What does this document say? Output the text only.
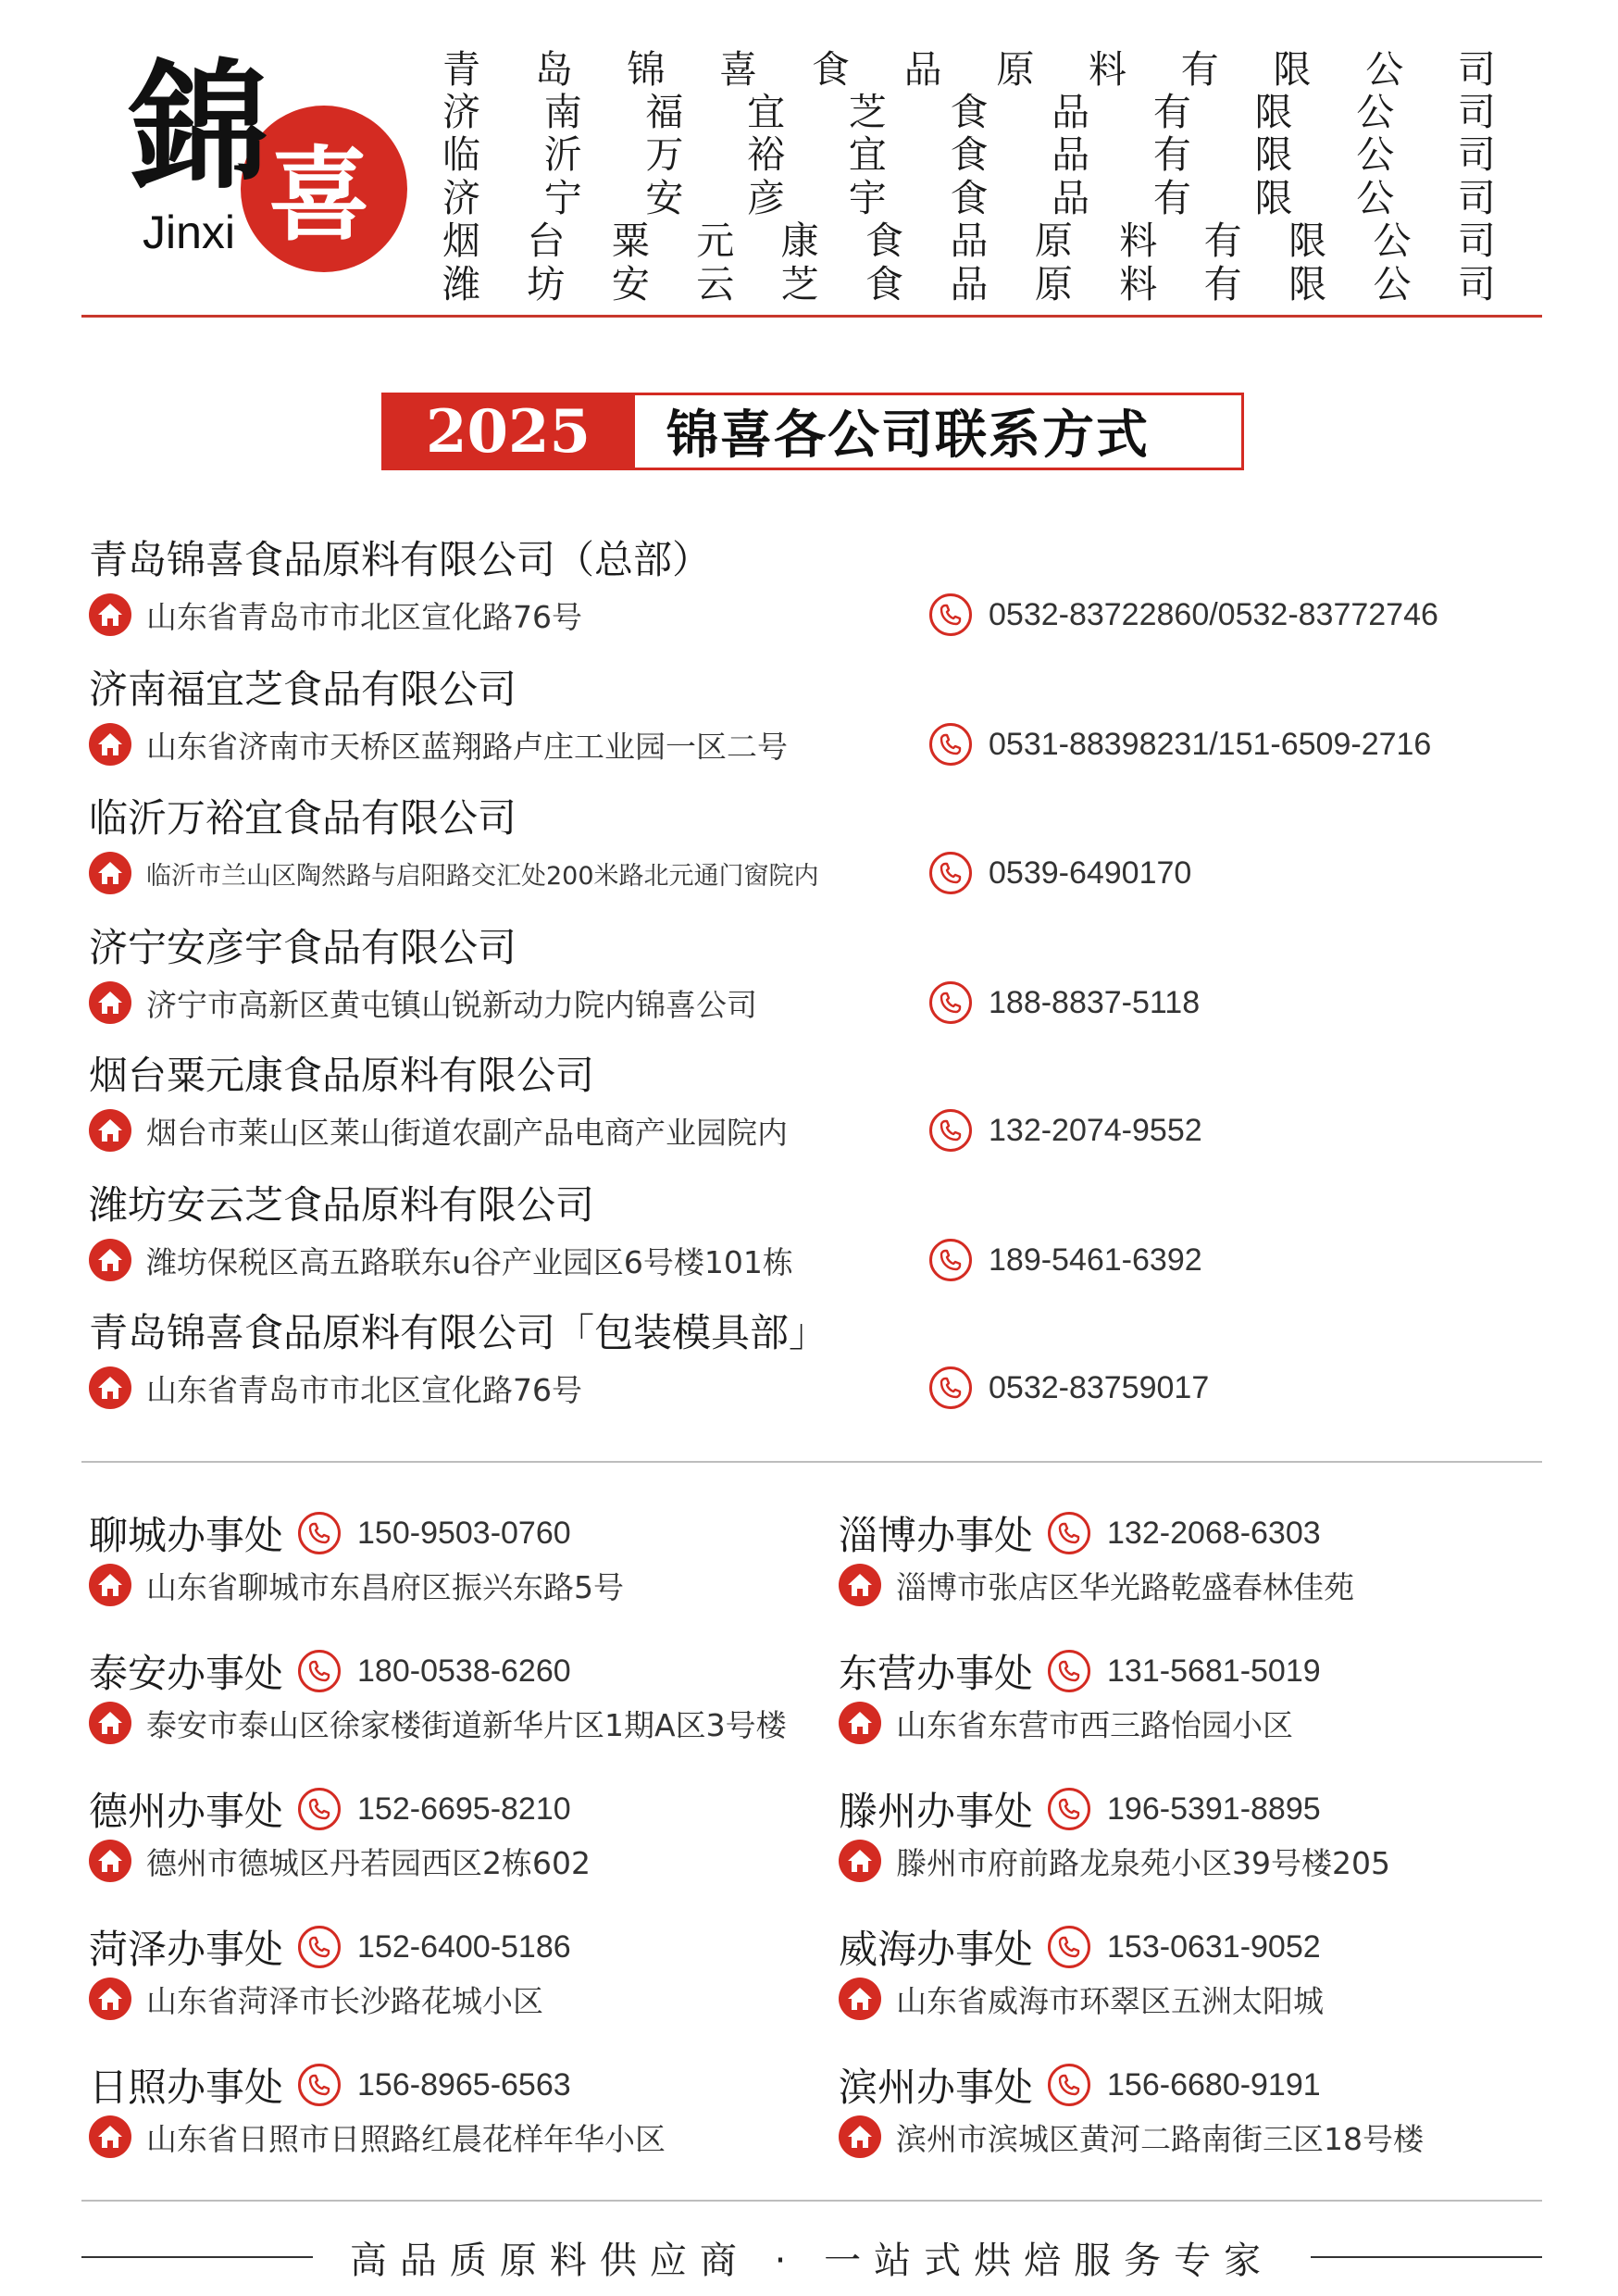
錦 喜
Jinxi
青 岛 锦 喜 食 品 原 料 有 限 公 司
济 南 福 宜 芝 食 品 有 限 公 司
临 沂 万 裕 宜 食 品 有 限 公 司
济 宁 安 彦 宇 食 品 有 限 公 司
烟 台 粟 元 康 食 品 原 料 有 限 公 司
潍 坊 安 云 芝 食 品 原 料 有 限 公 司
2025	锦喜各公司联系方式
青岛锦喜食品原料有限公司（总部）
山东省青岛市市北区宣化路76号	0532-83722860/0532-83772746
济南福宜芝食品有限公司
山东省济南市天桥区蓝翔路卢庄工业园一区二号	0531-88398231/151-6509-2716
临沂万裕宜食品有限公司
临沂市兰山区陶然路与启阳路交汇处200米路北元通门窗院内	0539-6490170
济宁安彦宇食品有限公司
济宁市高新区黄屯镇山锐新动力院内锦喜公司	188-8837-5118
烟台粟元康食品原料有限公司
烟台市莱山区莱山街道农副产品电商产业园院内	132-2074-9552
潍坊安云芝食品原料有限公司
潍坊保税区高五路联东u谷产业园区6号楼101栋	189-5461-6392
青岛锦喜食品原料有限公司「包装模具部」
山东省青岛市市北区宣化路76号	0532-83759017
聊城办事处 150-9503-0760
山东省聊城市东昌府区振兴东路5号
淄博办事处 132-2068-6303
淄博市张店区华光路乾盛春林佳苑
泰安办事处 180-0538-6260
泰安市泰山区徐家楼街道新华片区1期A区3号楼
东营办事处 131-5681-5019
山东省东营市西三路怡园小区
德州办事处 152-6695-8210
德州市德城区丹若园西区2栋602
滕州办事处 196-5391-8895
滕州市府前路龙泉苑小区39号楼205
菏泽办事处 152-6400-5186
山东省菏泽市长沙路花城小区
威海办事处 153-0631-9052
山东省威海市环翠区五洲太阳城
日照办事处 156-8965-6563
山东省日照市日照路红晨花样年华小区
滨州办事处 156-6680-9191
滨州市滨城区黄河二路南街三区18号楼
高品质原料供应商 · 一站式烘焙服务专家
